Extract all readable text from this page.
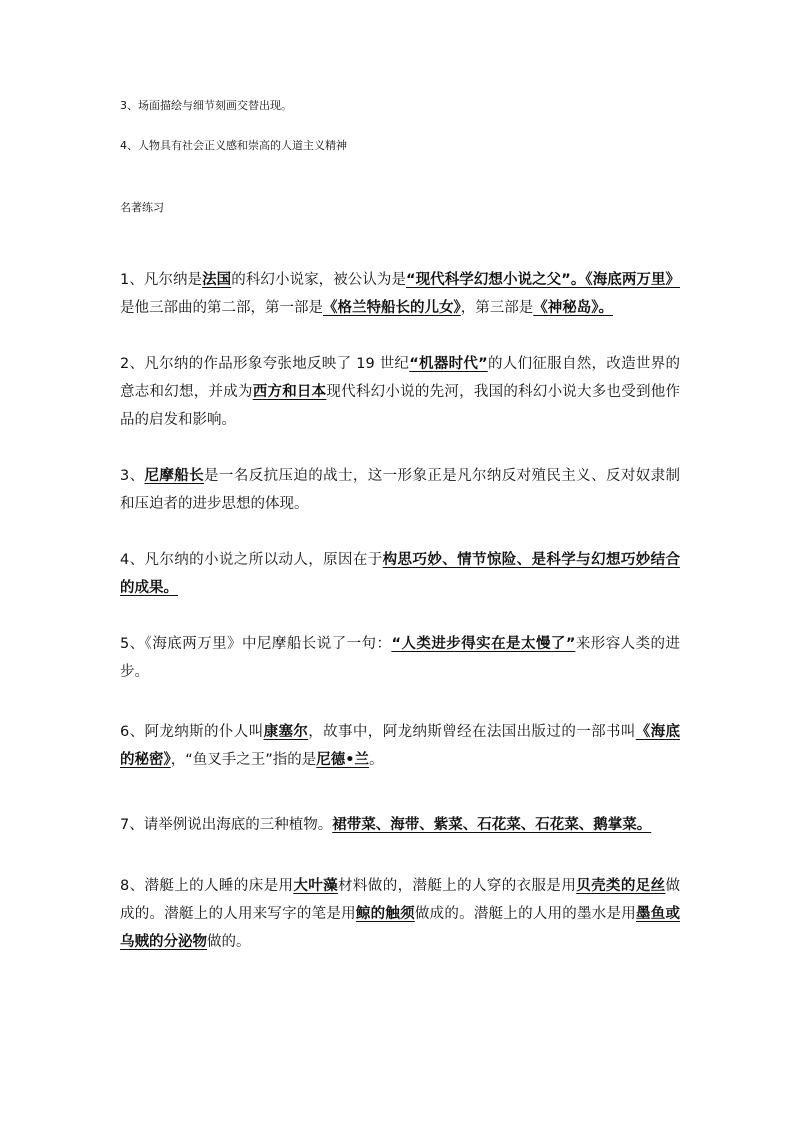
3、场面描绘与细节刻画交替出现。

4、人物具有社会正义感和崇高的人道主义精神

名著练习

1、凡尔纳是法国的科幻小说家，被公认为是“现代科学幻想小说之父”。《海底两万里》是他三部曲的第二部，第一部是《格兰特船长的儿女》，第三部是《神秘岛》。

2、凡尔纳的作品形象夸张地反映了 19 世纪“机器时代”的人们征服自然，改造世界的意志和幻想，并成为西方和日本现代科幻小说的先河，我国的科幻小说大多也受到他作品的启发和影响。

3、尼摩船长是一名反抗压迫的战士，这一形象正是凡尔纳反对殖民主义、反对奴隶制和压迫者的进步思想的体现。

4、凡尔纳的小说之所以动人，原因在于构思巧妙、情节惊险、是科学与幻想巧妙结合的成果。

5、《海底两万里》中尼摩船长说了一句：“人类进步得实在是太慢了”来形容人类的进步。

6、阿龙纳斯的仆人叫康塞尔，故事中，阿龙纳斯曾经在法国出版过的一部书叫《海底的秘密》，“鱼叉手之王”指的是尼德•兰。

7、请举例说出海底的三种植物。裙带菜、海带、紫菜、石花菜、石花菜、鹅掌菜。

8、潜艇上的人睡的床是用大叶藻材料做的，潜艇上的人穿的衣服是用贝壳类的足丝做成的。潜艇上的人用来写字的笔是用鲸的触须做成的。潜艇上的人用的墨水是用墨鱼或乌贼的分泌物做的。
